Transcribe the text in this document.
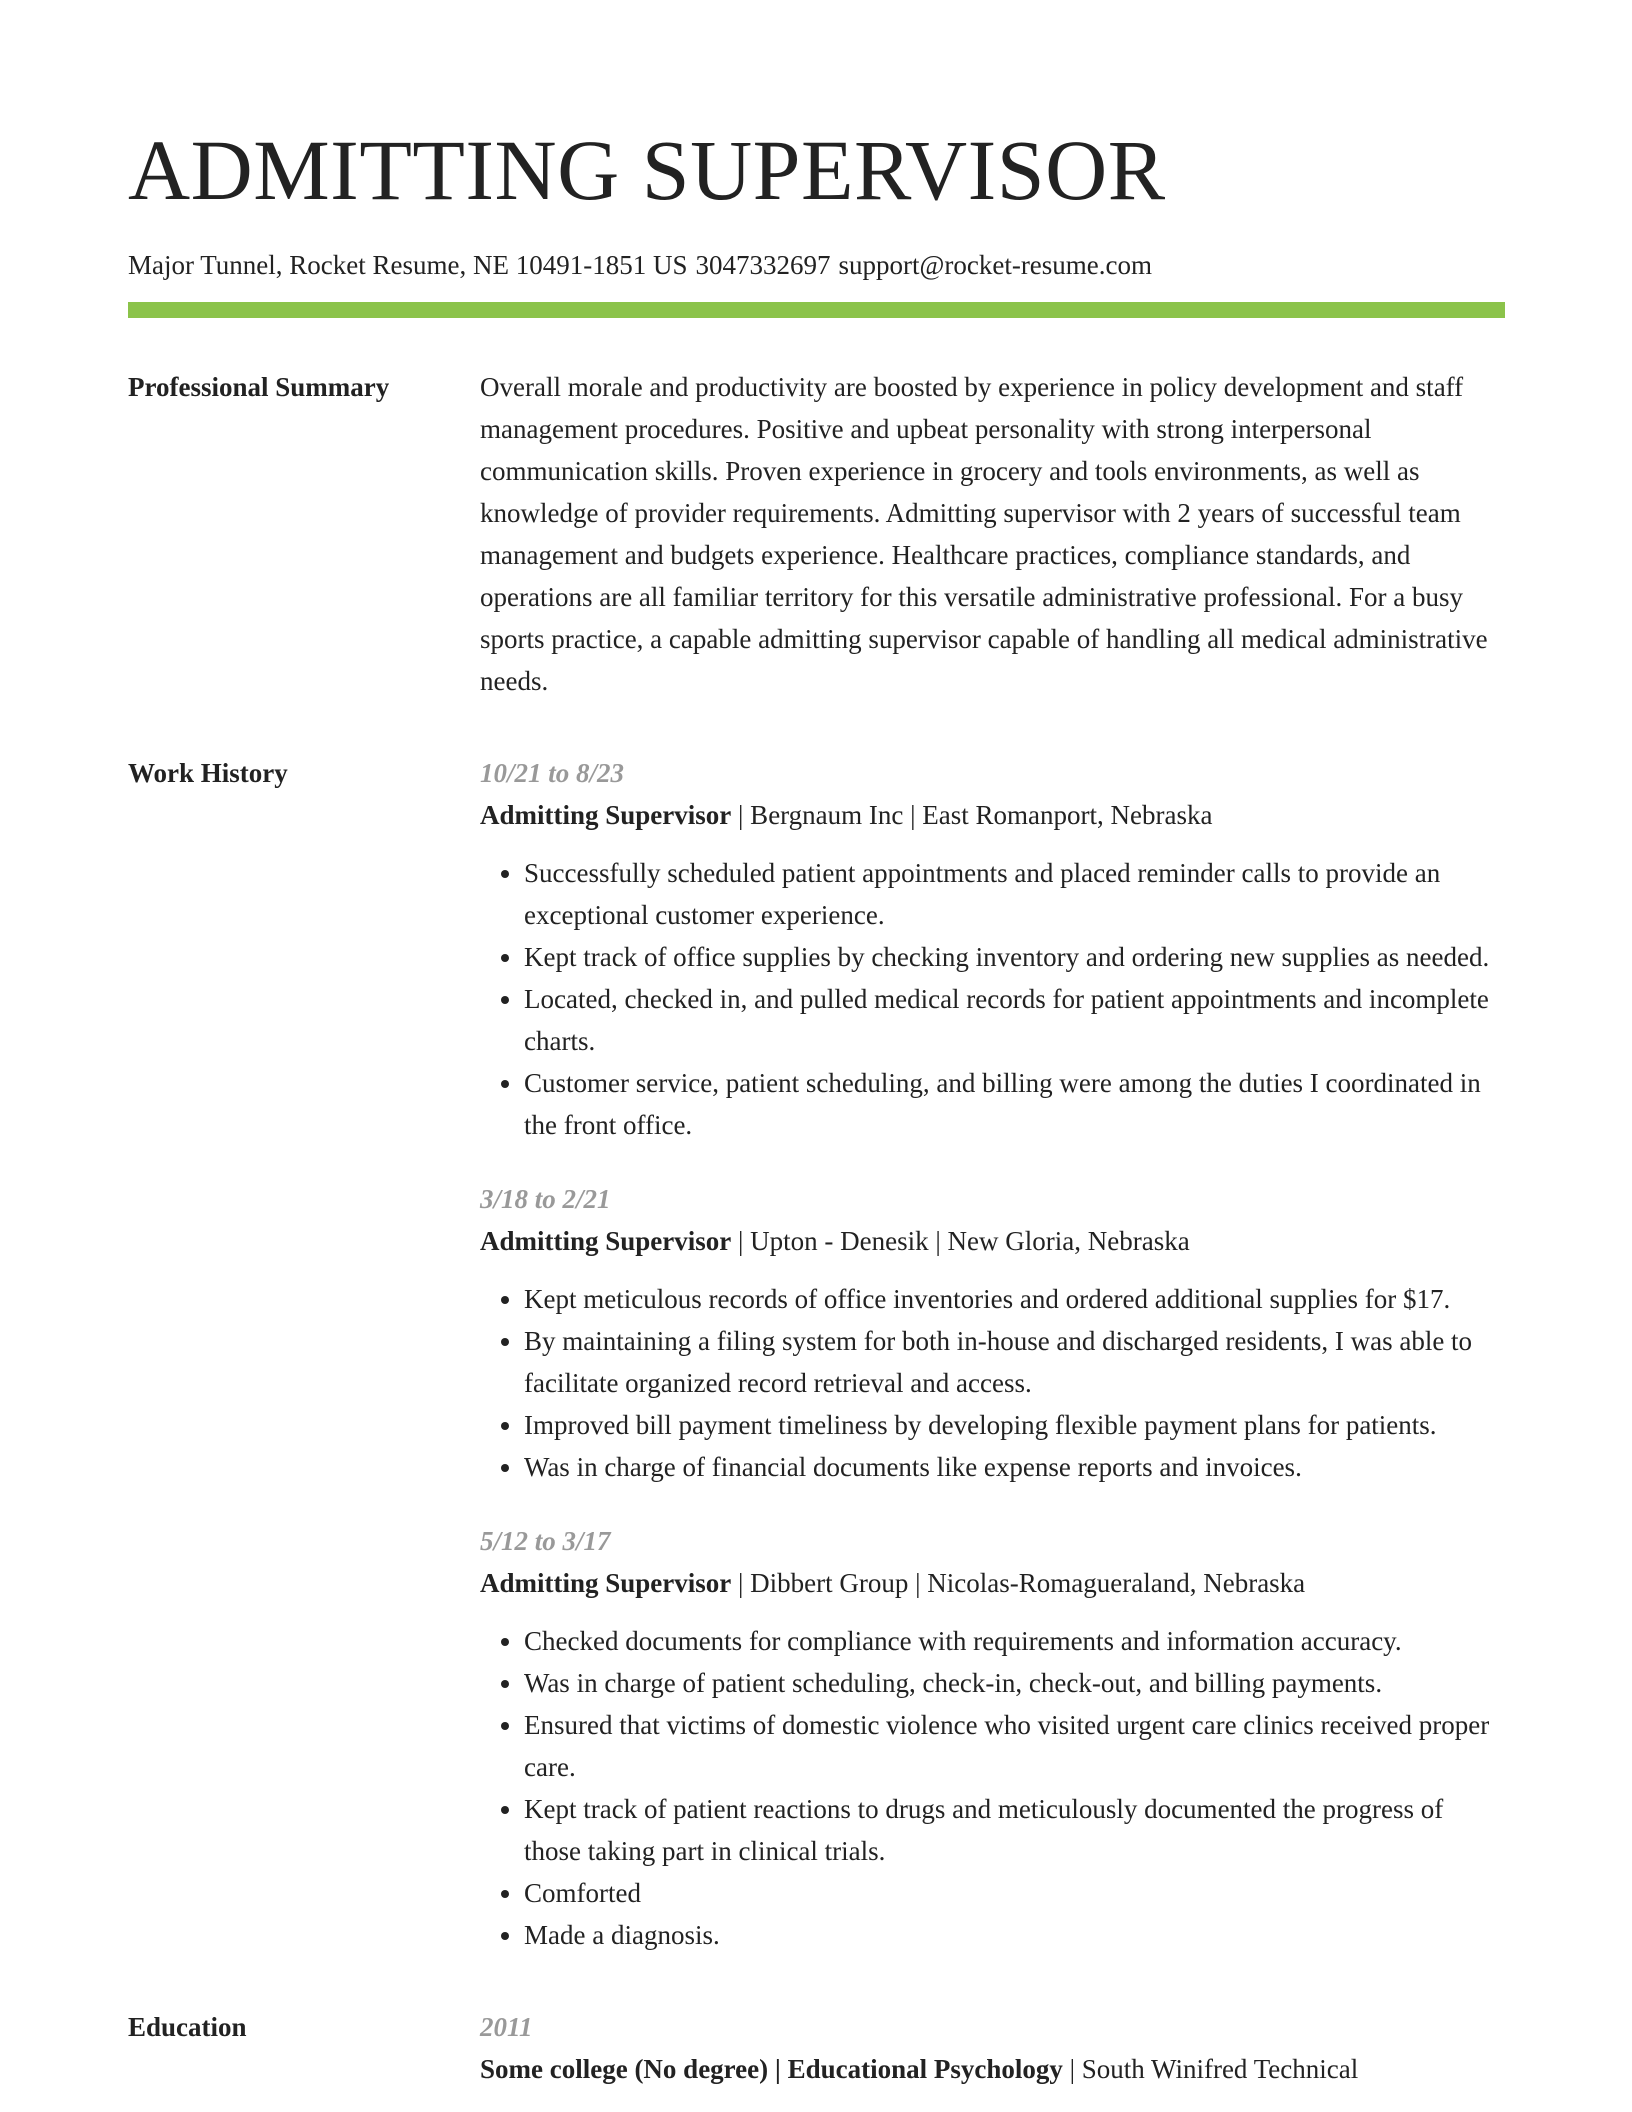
ADMITTING SUPERVISOR
Major Tunnel, Rocket Resume, NE 10491-1851 US 3047332697 support@rocket-resume.com
Professional Summary	Overall morale and productivity are boosted by experience in policy development and staff management procedures. Positive and upbeat personality with strong interpersonal communication skills. Proven experience in grocery and tools environments, as well as knowledge of provider requirements. Admitting supervisor with 2 years of successful team management and budgets experience. Healthcare practices, compliance standards, and operations are all familiar territory for this versatile administrative professional. For a busy sports practice, a capable admitting supervisor capable of handling all medical administrative needs.

Work History	10/21 to 8/23
Admitting Supervisor | Bergnaum Inc | East Romanport, Nebraska
• Successfully scheduled patient appointments and placed reminder calls to provide an exceptional customer experience.
• Kept track of office supplies by checking inventory and ordering new supplies as needed.
• Located, checked in, and pulled medical records for patient appointments and incomplete charts.
• Customer service, patient scheduling, and billing were among the duties I coordinated in the front office.
3/18 to 2/21
Admitting Supervisor | Upton - Denesik | New Gloria, Nebraska
• Kept meticulous records of office inventories and ordered additional supplies for $17.
• By maintaining a filing system for both in-house and discharged residents, I was able to facilitate organized record retrieval and access.
• Improved bill payment timeliness by developing flexible payment plans for patients.
• Was in charge of financial documents like expense reports and invoices.
5/12 to 3/17
Admitting Supervisor | Dibbert Group | Nicolas-Romagueraland, Nebraska
• Checked documents for compliance with requirements and information accuracy.
• Was in charge of patient scheduling, check-in, check-out, and billing payments.
• Ensured that victims of domestic violence who visited urgent care clinics received proper care.
• Kept track of patient reactions to drugs and meticulously documented the progress of those taking part in clinical trials.
• Comforted
• Made a diagnosis.
Education	2011
Some college (No degree) | Educational Psychology | South Winifred Technical
